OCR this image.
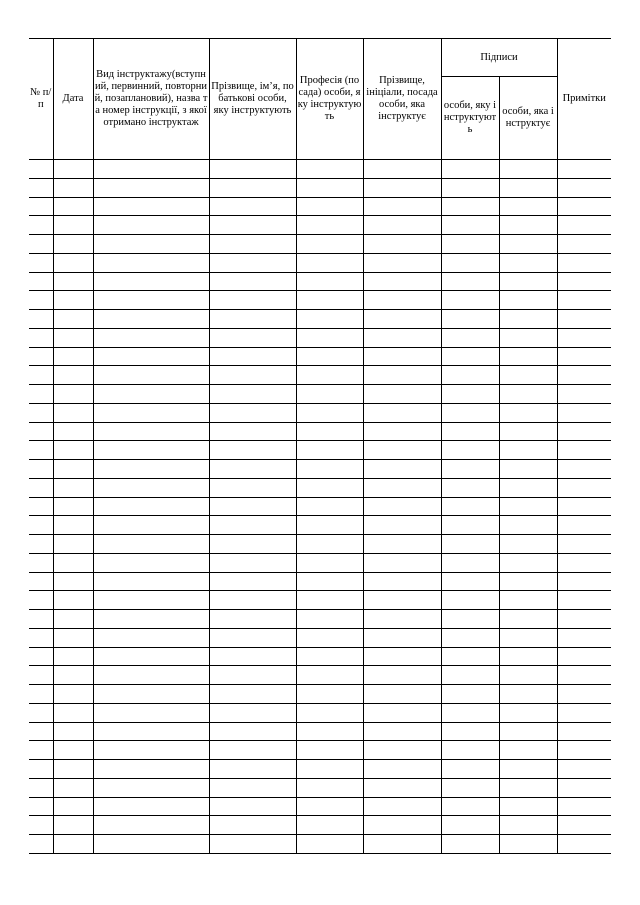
№ п/п	Дата	Вид інструктажу(вступний, первинний, повторний, позаплановий), назва та номер інструкції, з якої отримано інструктаж	Прізвище, ім’я, по батькові особи, яку інструктують	Професія (посада) особи, яку інструктують	Прізвище, ініціали, посада особи, яка інструктує	Підписи		Примітки
						особи, яку інструктують	особи, яка інструктує	
